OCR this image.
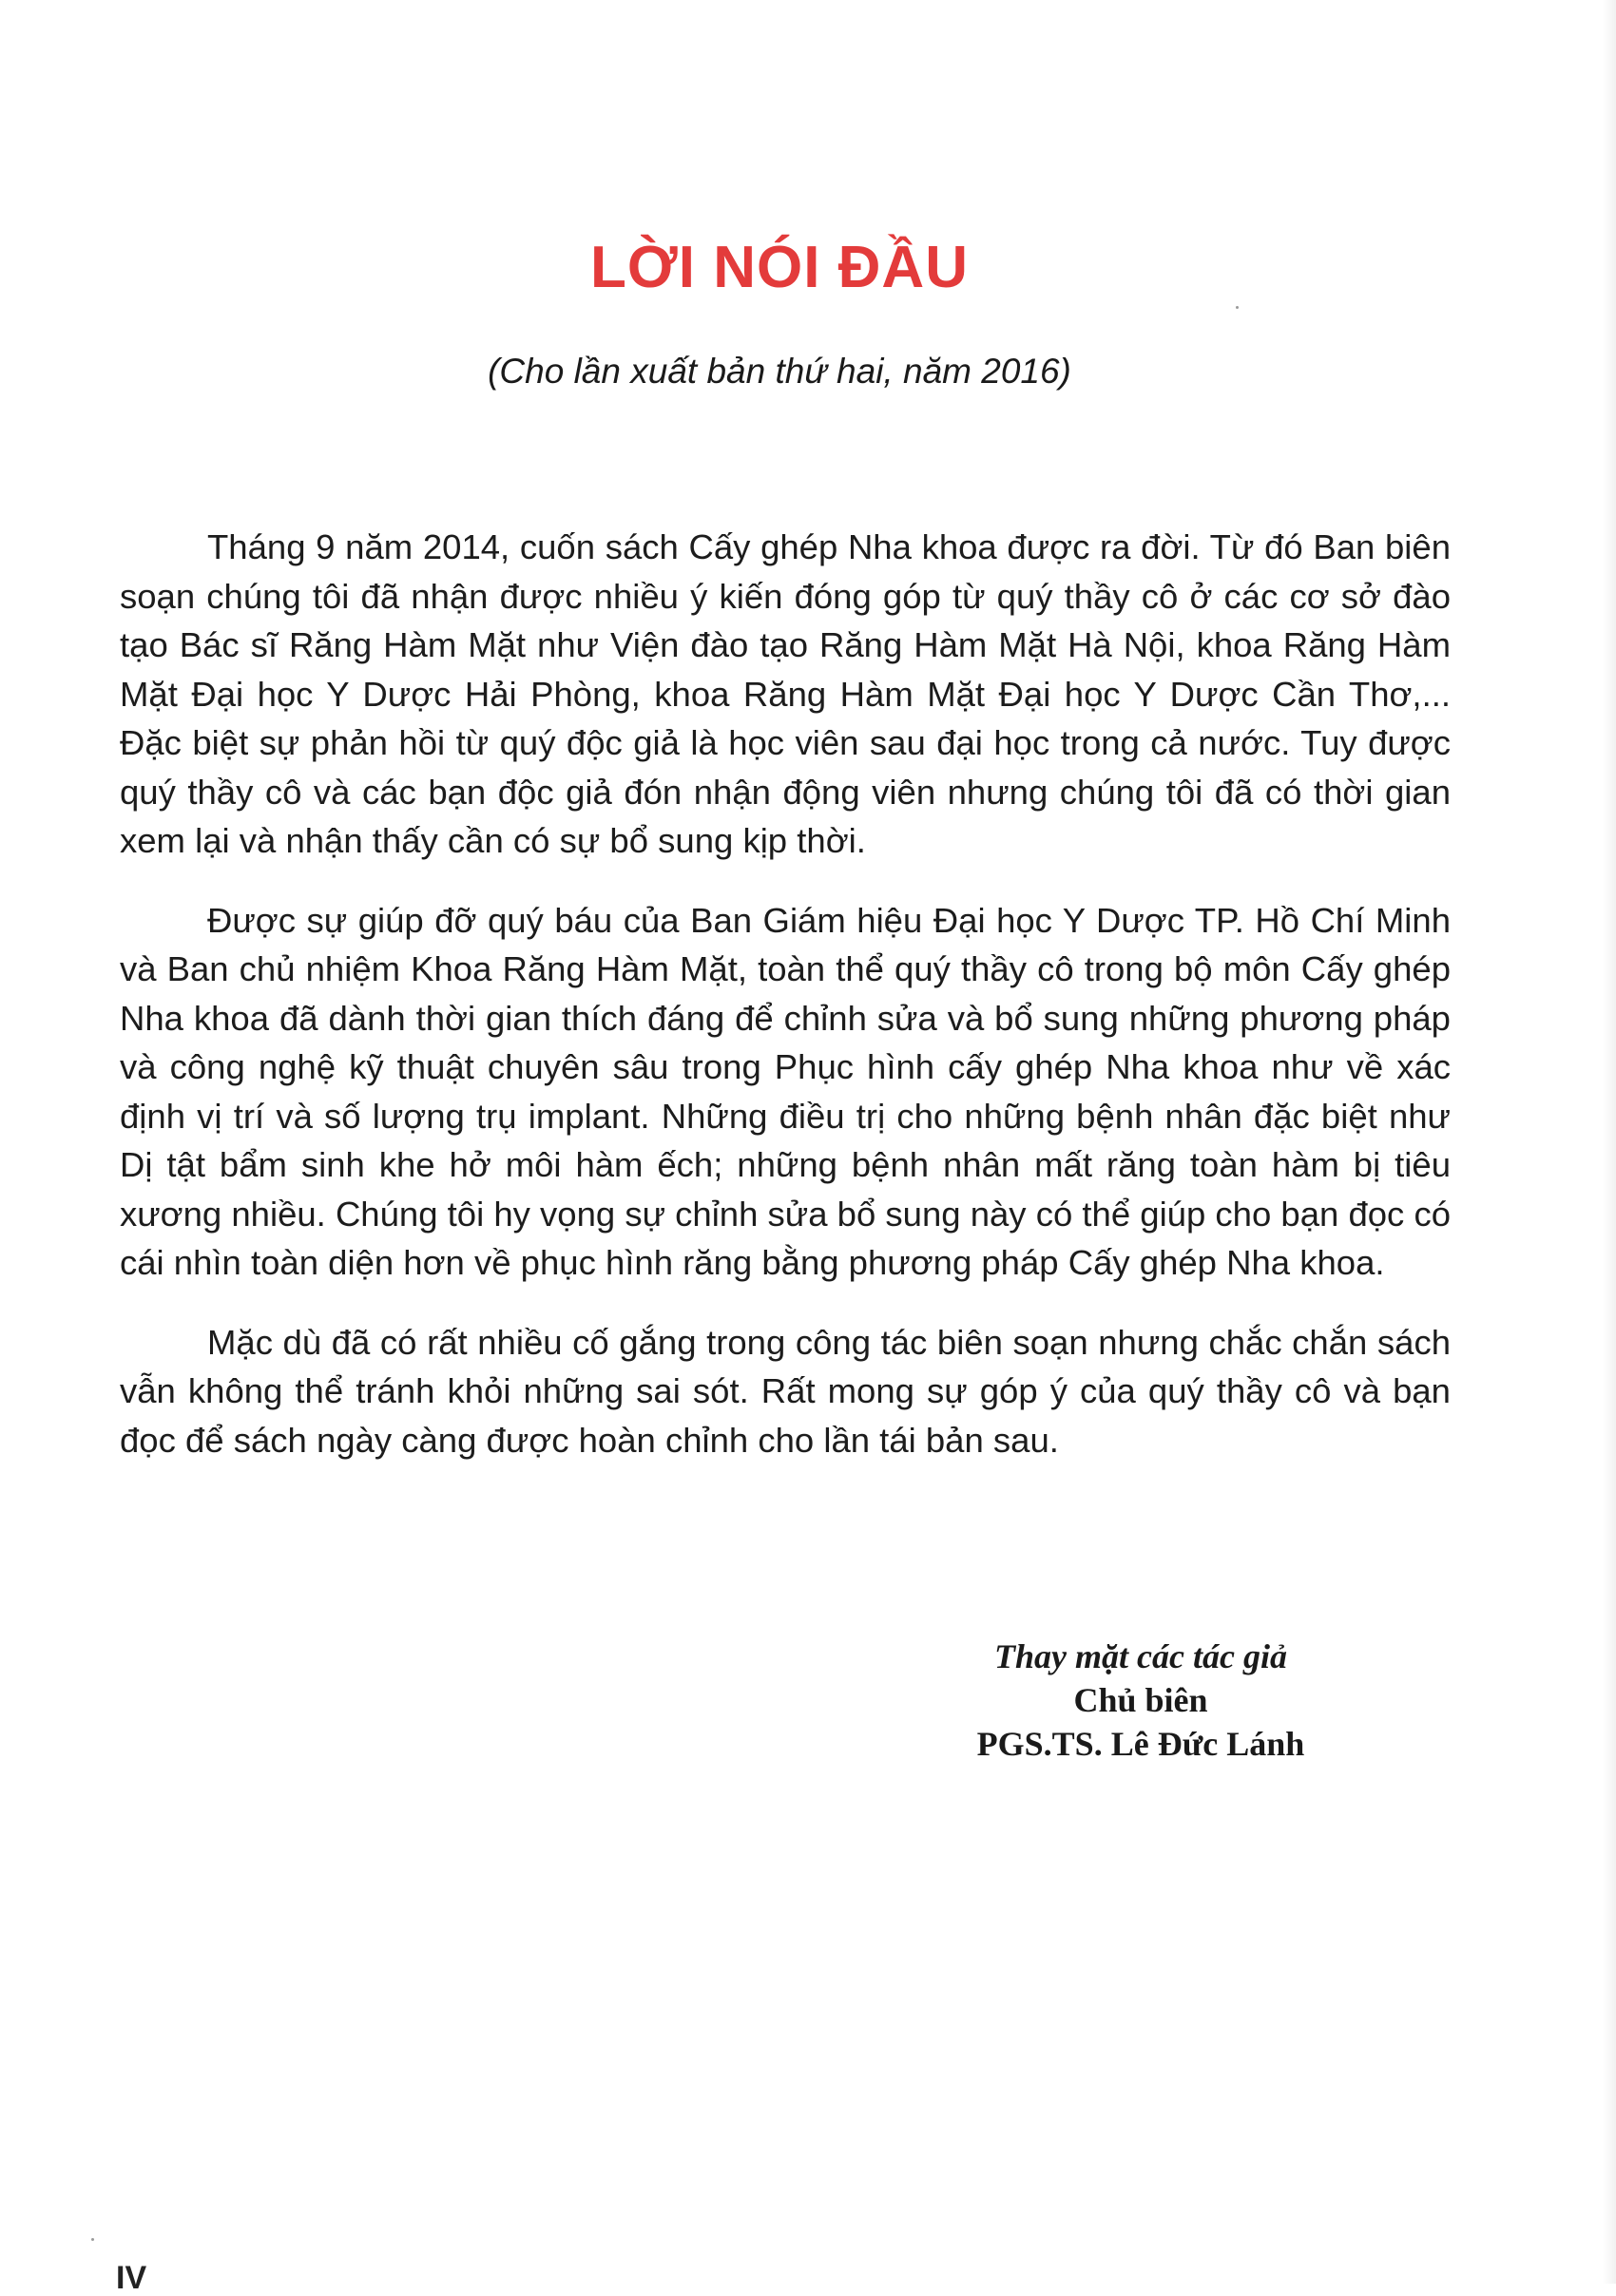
LỜI NÓI ĐẦU

(Cho lần xuất bản thứ hai, năm 2016)

Tháng 9 năm 2014, cuốn sách Cấy ghép Nha khoa được ra đời. Từ đó Ban biên soạn chúng tôi đã nhận được nhiều ý kiến đóng góp từ quý thầy cô ở các cơ sở đào tạo Bác sĩ Răng Hàm Mặt như Viện đào tạo Răng Hàm Mặt Hà Nội, khoa Răng Hàm Mặt Đại học Y Dược Hải Phòng, khoa Răng Hàm Mặt Đại học Y Dược Cần Thơ,... Đặc biệt sự phản hồi từ quý độc giả là học viên sau đại học trong cả nước. Tuy được quý thầy cô và các bạn độc giả đón nhận động viên nhưng chúng tôi đã có thời gian xem lại và nhận thấy cần có sự bổ sung kịp thời.

Được sự giúp đỡ quý báu của Ban Giám hiệu Đại học Y Dược TP. Hồ Chí Minh và Ban chủ nhiệm Khoa Răng Hàm Mặt, toàn thể quý thầy cô trong bộ môn Cấy ghép Nha khoa đã dành thời gian thích đáng để chỉnh sửa và bổ sung những phương pháp và công nghệ kỹ thuật chuyên sâu trong Phục hình cấy ghép Nha khoa như về xác định vị trí và số lượng trụ implant. Những điều trị cho những bệnh nhân đặc biệt như Dị tật bẩm sinh khe hở môi hàm ếch; những bệnh nhân mất răng toàn hàm bị tiêu xương nhiều. Chúng tôi hy vọng sự chỉnh sửa bổ sung này có thể giúp cho bạn đọc có cái nhìn toàn diện hơn về phục hình răng bằng phương pháp Cấy ghép Nha khoa.

Mặc dù đã có rất nhiều cố gắng trong công tác biên soạn nhưng chắc chắn sách vẫn không thể tránh khỏi những sai sót. Rất mong sự góp ý của quý thầy cô và bạn đọc để sách ngày càng được hoàn chỉnh cho lần tái bản sau.

Thay mặt các tác giả
Chủ biên
PGS.TS. Lê Đức Lánh
IV
